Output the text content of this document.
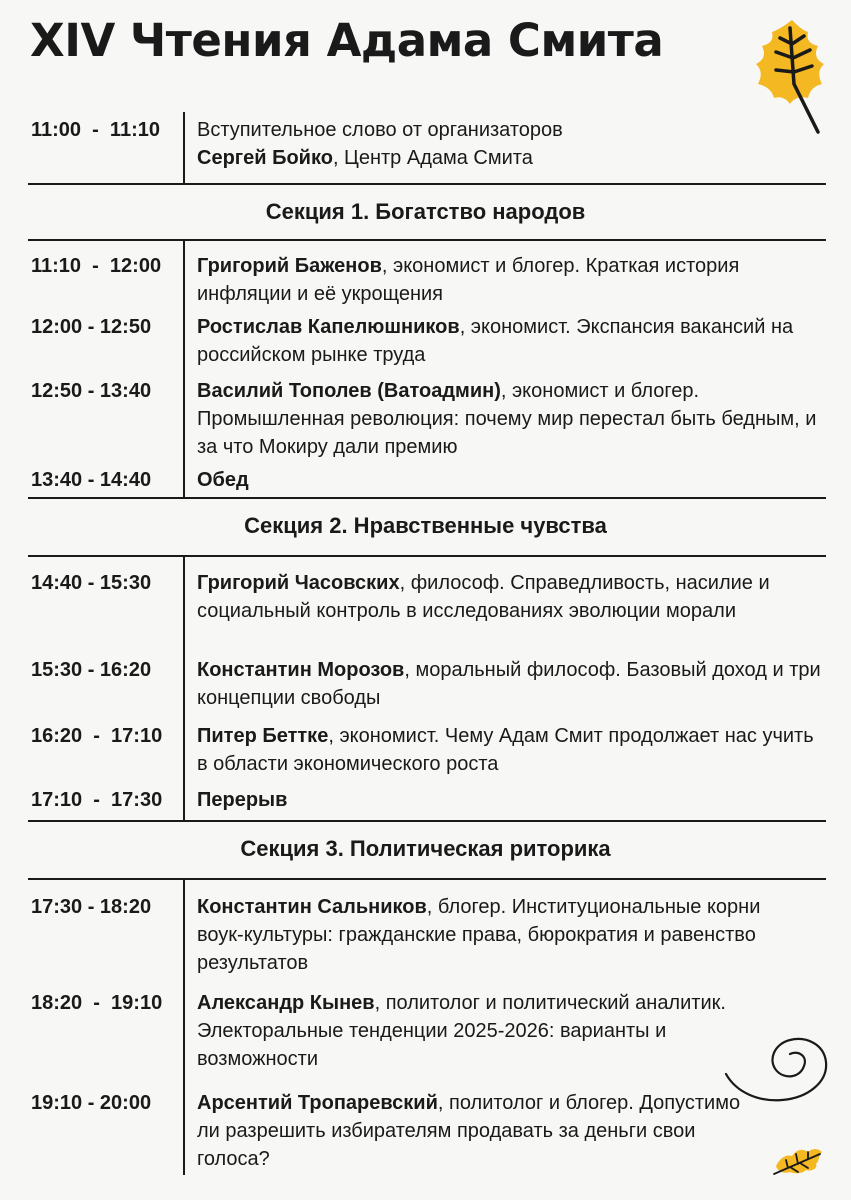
XIV Чтения Адама Смита
11:00  -  11:10	Вступительное слово от организаторов
Сергей Бойко, Центр Адама Смита
Секция 1. Богатство народов
11:10  -  12:00	Григорий Баженов, экономист и блогер. Краткая история инфляции и её укрощения
12:00 - 12:50	Ростислав Капелюшников, экономист. Экспансия вакансий на российском рынке труда
12:50 - 13:40	Василий Тополев (Ватоадмин), экономист и блогер. Промышленная революция: почему мир перестал быть бедным, и за что Мокиру дали премию
13:40 - 14:40	Обед
Секция 2. Нравственные чувства
14:40 - 15:30	Григорий Часовских, философ. Справедливость, насилие и социальный контроль в исследованиях эволюции морали
15:30 - 16:20	Константин Морозов, моральный философ. Базовый доход и три концепции свободы
16:20  -  17:10	Питер Беттке, экономист. Чему Адам Смит продолжает нас учить в области экономического роста
17:10  -  17:30	Перерыв
Секция 3. Политическая риторика
17:30 - 18:20	Константин Сальников, блогер. Институциональные корни воук-культуры: гражданские права, бюрократия и равенство результатов
18:20  -  19:10	Александр Кынев, политолог и политический аналитик. Электоральные тенденции 2025-2026: варианты и возможности
19:10 - 20:00	Арсентий Тропаревский, политолог и блогер. Допустимо ли разрешить избирателям продавать за деньги свои голоса?
